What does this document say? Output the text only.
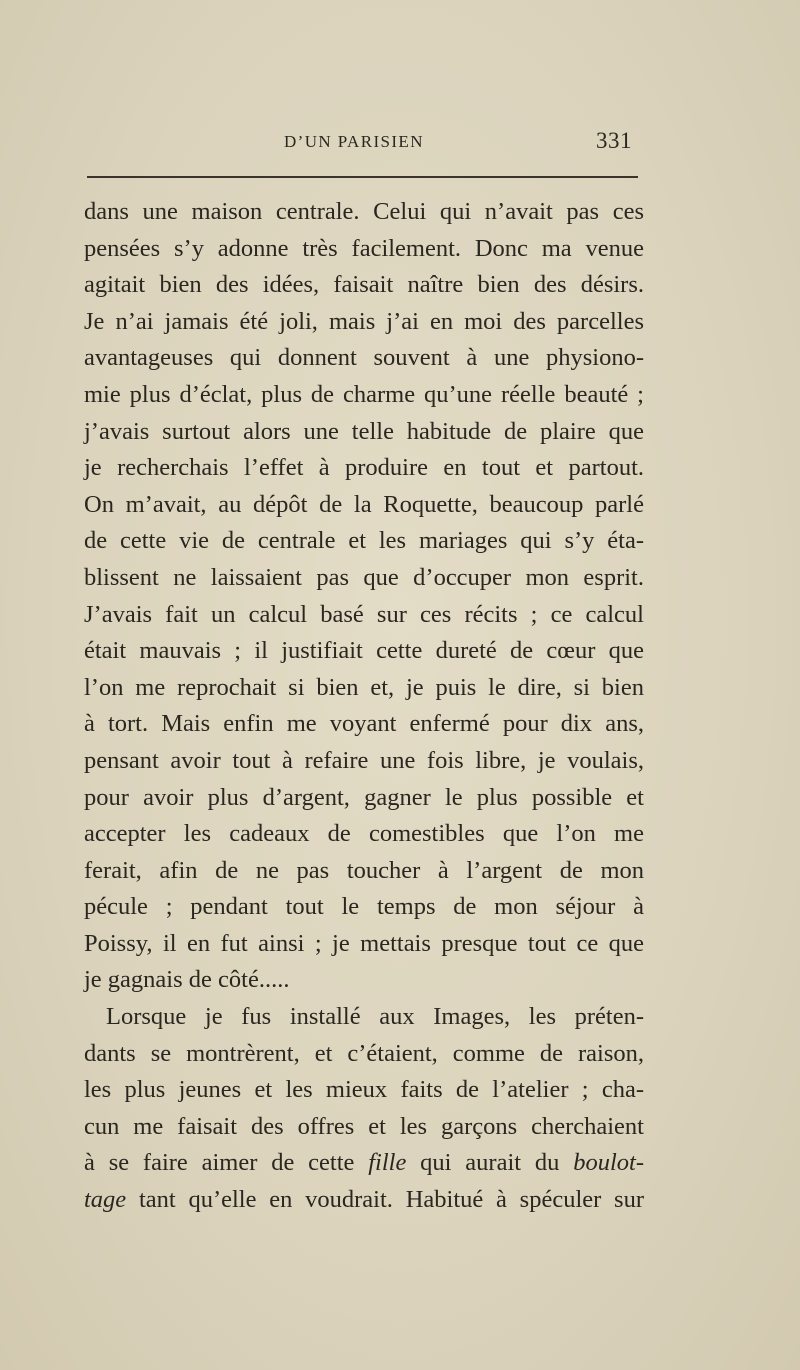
D’UN PARISIEN	331
dans une maison centrale. Celui qui n’avait pas ces
pensées s’y adonne très facilement. Donc ma venue
agitait bien des idées, faisait naître bien des désirs.
Je n’ai jamais été joli, mais j’ai en moi des parcelles
avantageuses qui donnent souvent à une physiono-
mie plus d’éclat, plus de charme qu’une réelle beauté ;
j’avais surtout alors une telle habitude de plaire que
je recherchais l’effet à produire en tout et partout.
On m’avait, au dépôt de la Roquette, beaucoup parlé
de cette vie de centrale et les mariages qui s’y éta-
blissent ne laissaient pas que d’occuper mon esprit.
J’avais fait un calcul basé sur ces récits ; ce calcul
était mauvais ; il justifiait cette dureté de cœur que
l’on me reprochait si bien et, je puis le dire, si bien
à tort. Mais enfin me voyant enfermé pour dix ans,
pensant avoir tout à refaire une fois libre, je voulais,
pour avoir plus d’argent, gagner le plus possible et
accepter les cadeaux de comestibles que l’on me
ferait, afin de ne pas toucher à l’argent de mon
pécule ; pendant tout le temps de mon séjour à
Poissy, il en fut ainsi ; je mettais presque tout ce que
je gagnais de côté.....
Lorsque je fus installé aux Images, les préten-
dants se montrèrent, et c’étaient, comme de raison,
les plus jeunes et les mieux faits de l’atelier ; cha-
cun me faisait des offres et les garçons cherchaient
à se faire aimer de cette fille qui aurait du boulot-
tage tant qu’elle en voudrait. Habitué à spéculer sur
